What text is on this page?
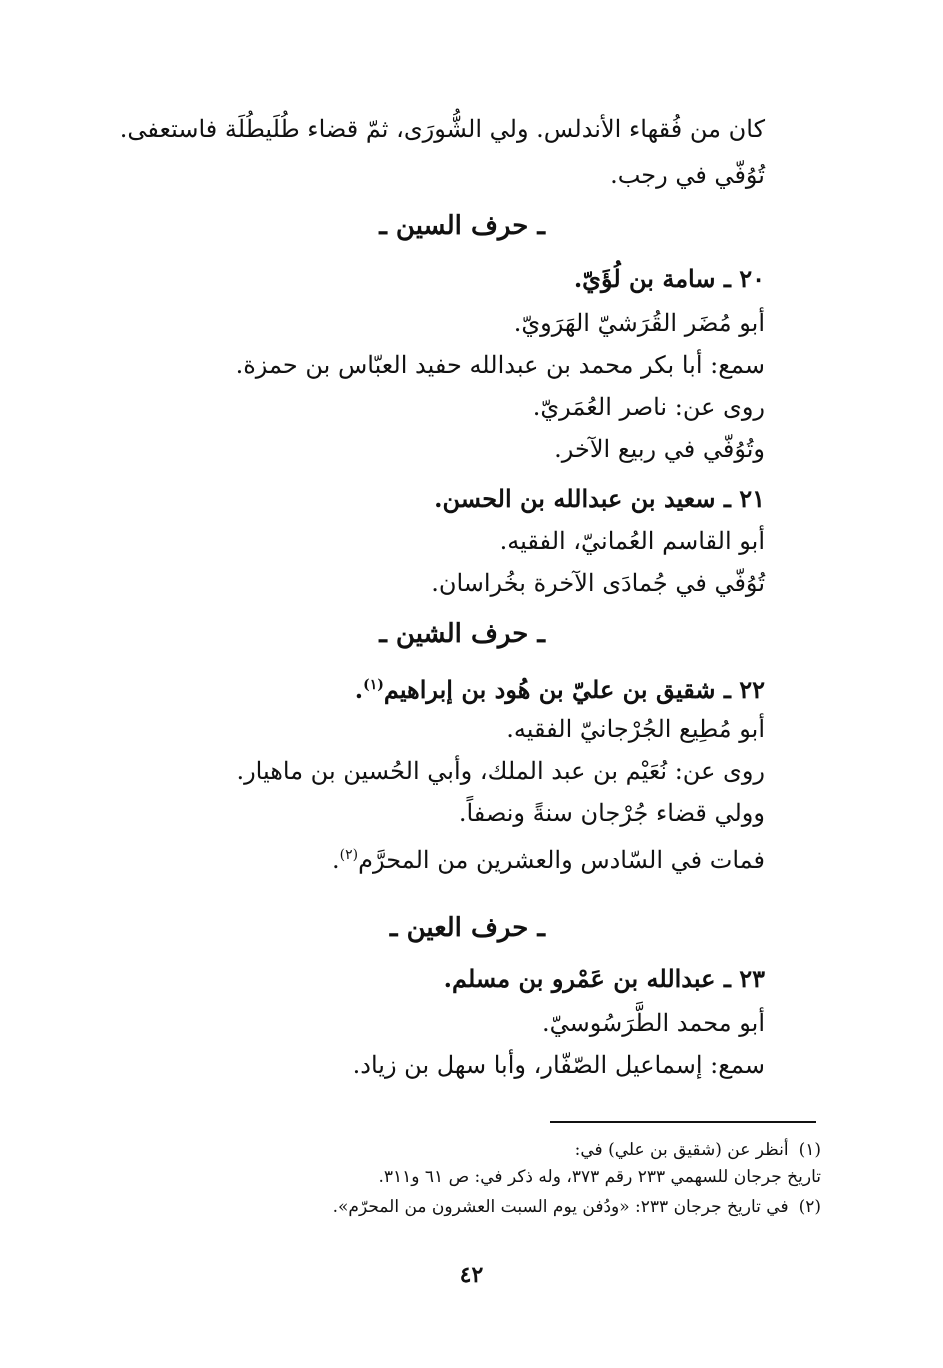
كان من فُقهاء الأندلس. ولي الشُّورَى، ثمّ قضاء طُلَيطُلَة فاستعفى.
تُوُفّي في رجب.
ـ حرف السين ـ
٢٠ ـ سامة بن لُؤَيّ.
أبو مُضَر القُرَشيّ الهَرَويّ.
سمع: أبا بكر محمد بن عبدالله حفيد العبّاس بن حمزة.
روى عن: ناصر العُمَريّ.
وتُوُفّي في ربيع الآخر.
٢١ ـ سعيد بن عبدالله بن الحسن.
أبو القاسم العُمانيّ، الفقيه.
تُوُفّي في جُمادَى الآخرة بخُراسان.
ـ حرف الشين ـ
٢٢ ـ شقيق بن عليّ بن هُود بن إبراهيم$^{(١)}$.
أبو مُطِيع الجُرْجانيّ الفقيه.
روى عن: نُعَيْم بن عبد الملك، وأبي الحُسين بن ماهيار.
وولي قضاء جُرْجان سنةً ونصفاً.
فمات في السّادس والعشرين من المحرَّم$^{(٢)}$.
ـ حرف العين ـ
٢٣ ـ عبدالله بن عَمْرو بن مسلم.
أبو محمد الطَّرَسُوسيّ.
سمع: إسماعيل الصّفّار، وأبا سهل بن زياد.
(١)أنظر عن (شقيق بن علي) في:
تاريخ جرجان للسهمي ٢٣٣ رقم ٣٧٣، وله ذكر في: ص ٦١ و٣١١.
(٢)في تاريخ جرجان ٢٣٣: «ودُفن يوم السبت العشرون من المحرّم».
٤٢
